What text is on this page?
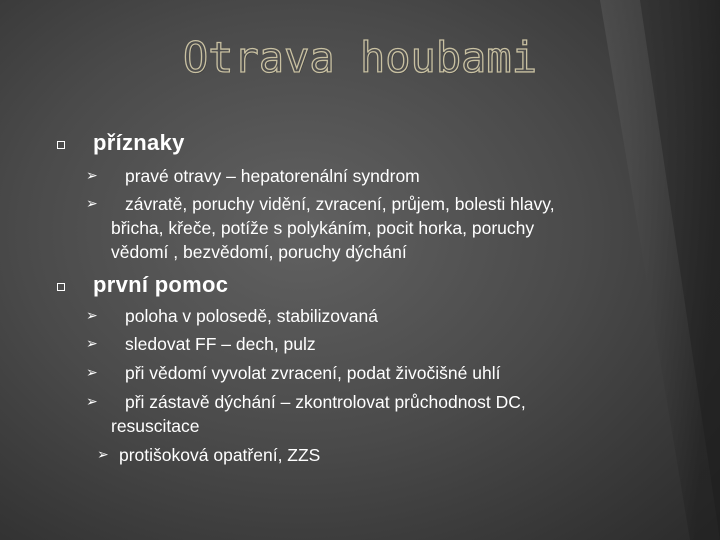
Otrava houbami
příznaky
➢ pravé otravy – hepatorenální syndrom
➢ závratě, poruchy vidění, zvracení, průjem, bolesti hlavy,
břicha, křeče, potíže s polykáním, pocit horka, poruchy
vědomí , bezvědomí, poruchy dýchání
první pomoc
➢ poloha v polosedě, stabilizovaná
➢ sledovat FF – dech, pulz
➢ při vědomí vyvolat zvracení, podat živočišné uhlí
➢ při zástavě dýchání – zkontrolovat průchodnost DC,
resuscitace
➢ protišoková opatření, ZZS
